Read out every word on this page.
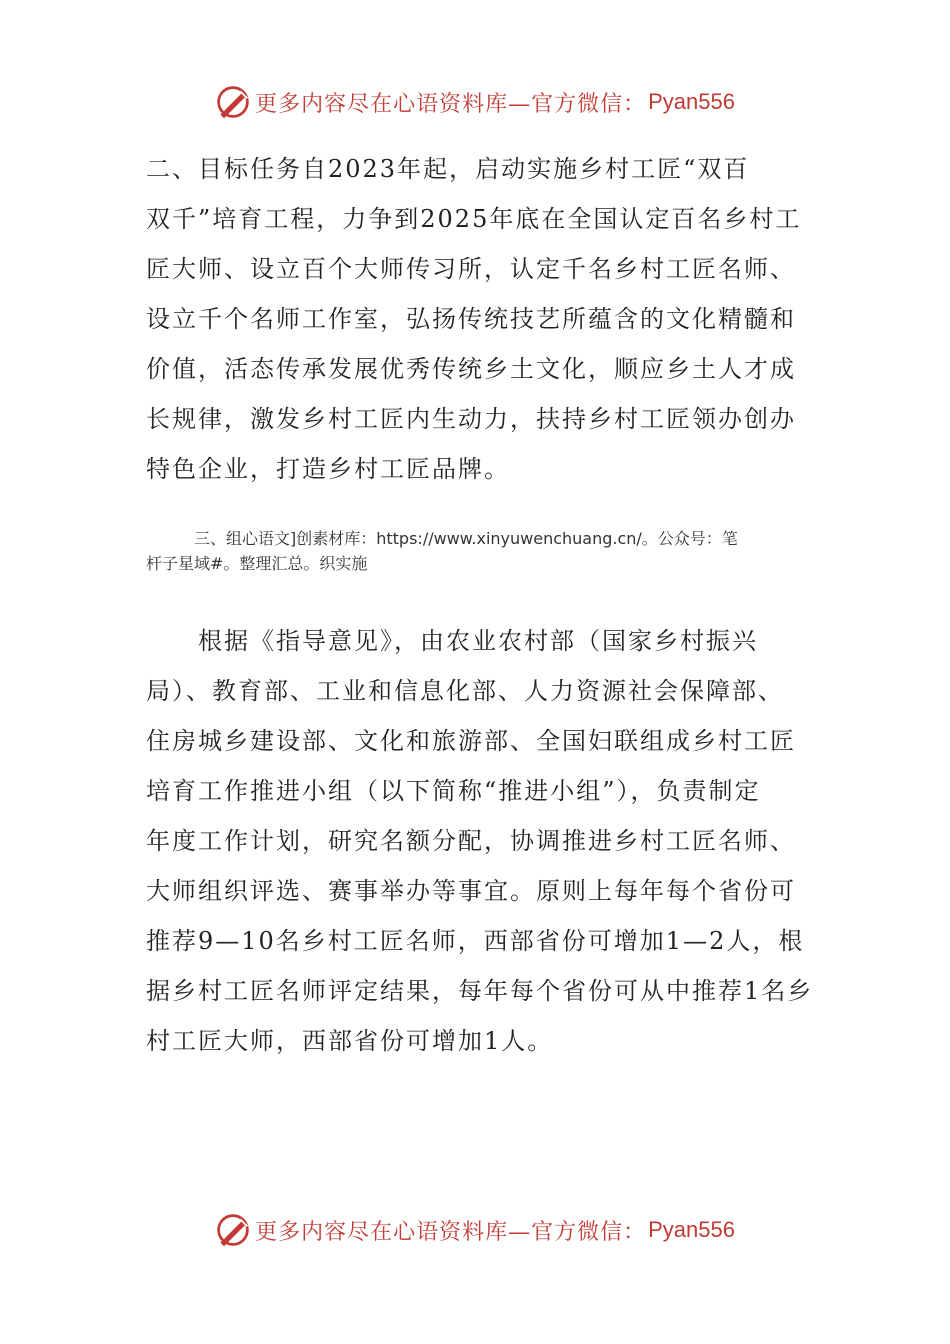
更多内容尽在心语资料库—官方微信： Pyan556
二、目标任务自2023年起，启动实施乡村工匠“双百
双千”培育工程，力争到2025年底在全国认定百名乡村工
匠大师、设立百个大师传习所，认定千名乡村工匠名师、
设立千个名师工作室，弘扬传统技艺所蕴含的文化精髓和
价值，活态传承发展优秀传统乡土文化，顺应乡土人才成
长规律，激发乡村工匠内生动力，扶持乡村工匠领办创办
特色企业，打造乡村工匠品牌。
三、组心语文]创素材库：https://www.xinyuwenchuang.cn/。公众号：笔
杆子星域#。整理汇总。织实施
根据《指导意见》，由农业农村部（国家乡村振兴
局）、教育部、工业和信息化部、人力资源社会保障部、
住房城乡建设部、文化和旅游部、全国妇联组成乡村工匠
培育工作推进小组（以下简称“推进小组”），负责制定
年度工作计划，研究名额分配，协调推进乡村工匠名师、
大师组织评选、赛事举办等事宜。原则上每年每个省份可
推荐9—10名乡村工匠名师，西部省份可增加1—2人，根
据乡村工匠名师评定结果，每年每个省份可从中推荐1名乡
村工匠大师，西部省份可增加1人。
更多内容尽在心语资料库—官方微信： Pyan556
